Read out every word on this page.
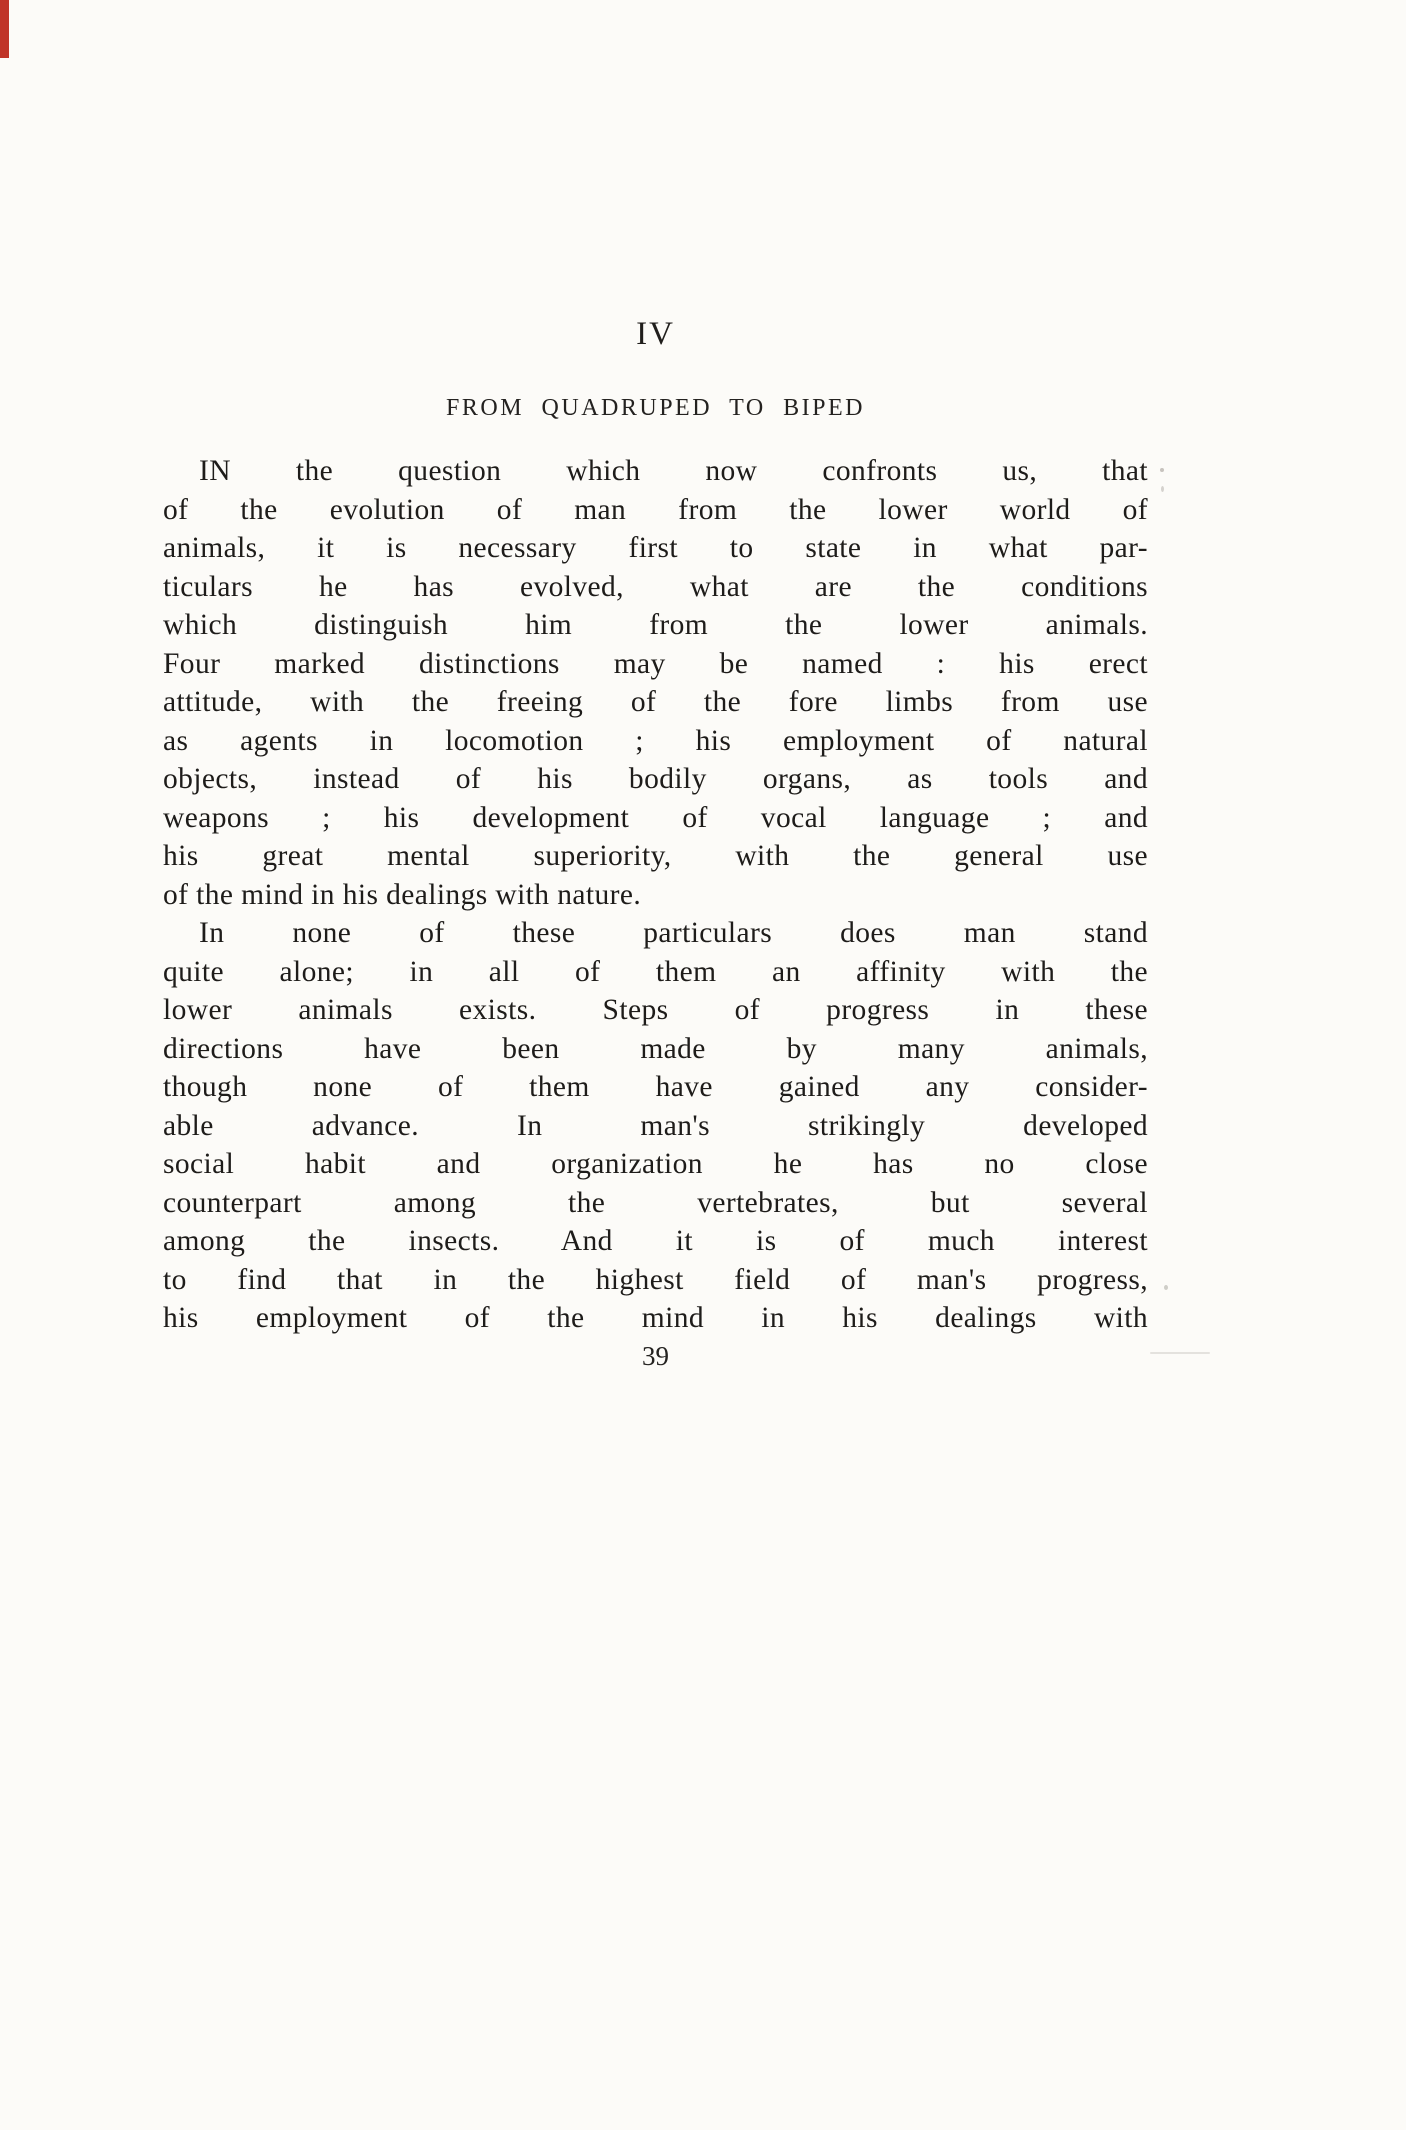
IV
FROM QUADRUPED TO BIPED
IN the question which now confronts us, that
of the evolution of man from the lower world of
animals, it is necessary first to state in what par-
ticulars he has evolved, what are the conditions
which distinguish him from the lower animals.
Four marked distinctions may be named : his erect
attitude, with the freeing of the fore limbs from use
as agents in locomotion ; his employment of natural
objects, instead of his bodily organs, as tools and
weapons ; his development of vocal language ; and
his great mental superiority, with the general use
of the mind in his dealings with nature.
In none of these particulars does man stand
quite alone; in all of them an affinity with the
lower animals exists. Steps of progress in these
directions have been made by many animals,
though none of them have gained any consider-
able advance. In man's strikingly developed
social habit and organization he has no close
counterpart among the vertebrates, but several
among the insects. And it is of much interest
to find that in the highest field of man's progress,
his employment of the mind in his dealings with
39
